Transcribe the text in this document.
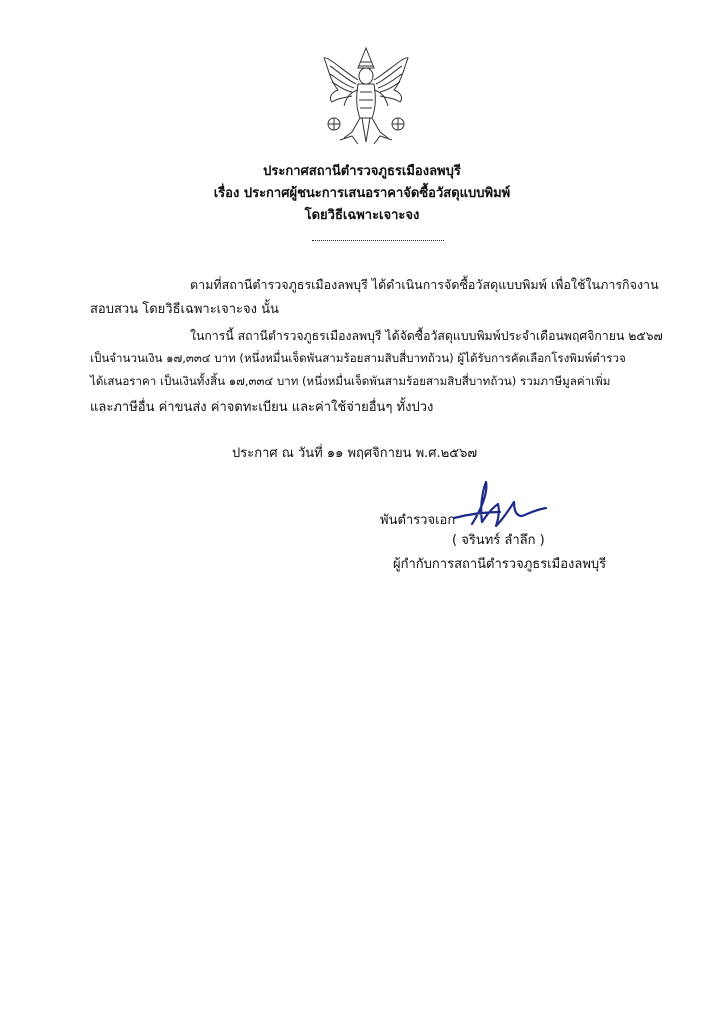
ประกาศสถานีตำรวจภูธรเมืองลพบุรี
เรื่อง ประกาศผู้ชนะการเสนอราคาจัดซื้อวัสดุแบบพิมพ์
โดยวิธีเฉพาะเจาะจง
ตามที่สถานีตำรวจภูธรเมืองลพบุรี ได้ดำเนินการจัดซื้อวัสดุแบบพิมพ์ เพื่อใช้ในภารกิจงาน
สอบสวน โดยวิธีเฉพาะเจาะจง นั้น
ในการนี้ สถานีตำรวจภูธรเมืองลพบุรี ได้จัดซื้อวัสดุแบบพิมพ์ประจำเดือนพฤศจิกายน ๒๕๖๗
เป็นจำนวนเงิน ๑๗,๓๓๔ บาท (หนึ่งหมื่นเจ็ดพันสามร้อยสามสิบสี่บาทถ้วน) ผู้ได้รับการคัดเลือกโรงพิมพ์ตำรวจ
ได้เสนอราคา เป็นเงินทั้งสิ้น ๑๗,๓๓๔ บาท (หนึ่งหมื่นเจ็ดพันสามร้อยสามสิบสี่บาทถ้วน) รวมภาษีมูลค่าเพิ่ม
และภาษีอื่น ค่าขนส่ง ค่าจดทะเบียน และค่าใช้จ่ายอื่นๆ ทั้งปวง
ประกาศ ณ วันที่ ๑๑ พฤศจิกายน พ.ศ.๒๕๖๗
พันตำรวจเอก
( จรินทร์ ลำลึก )
ผู้กำกับการสถานีตำรวจภูธรเมืองลพบุรี
